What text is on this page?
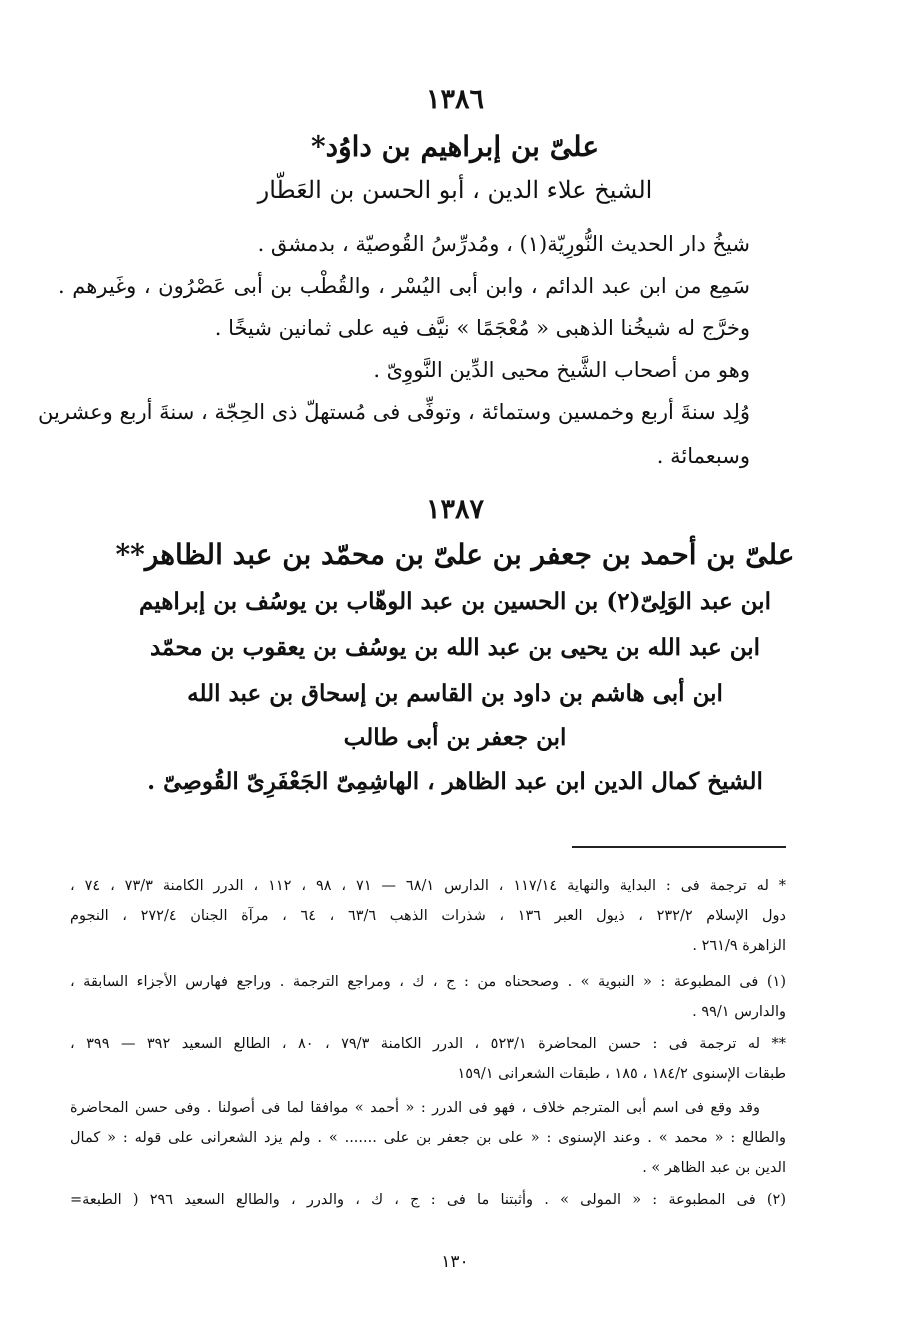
١٣٨٦
علىّ بن إبراهيم بن داوُد*
الشيخ علاء الدين ، أبو الحسن بن العَطّار
شيخُ دار الحديث النُّورِيّة(١) ، ومُدرِّسُ القُوصيّة ، بدمشق .
سَمِع من ابن عبد الدائم ، وابن أبى اليُسْر ، والقُطْب بن أبى عَصْرُون ، وغَيرهم .
وخرَّج له شيخُنا الذهبى « مُعْجَمًا » نيَّف فيه على ثمانين شيخًا .
وهو من أصحاب الشَّيخ محيى الدِّين النَّووِىّ .
وُلِد سنةَ أربع وخمسين وستمائة ، وتوفِّى فى مُستهلّ ذى الحِجّة ، سنةَ أربع وعشرين
وسبعمائة .
١٣٨٧
علىّ بن أحمد بن جعفر بن علىّ بن محمّد بن عبد الظاهر**
ابن عبد الوَلِىّ(٢) بن الحسين بن عبد الوهّاب بن يوسُف بن إبراهيم
ابن عبد الله بن يحيى بن عبد الله بن يوسُف بن يعقوب بن محمّد
ابن أبى هاشم بن داود بن القاسم بن إسحاق بن عبد الله
ابن جعفر بن أبى طالب
الشيخ كمال الدين ابن عبد الظاهر ، الهاشِمِىّ الجَعْفَرِىّ القُوصِىّ .
* له ترجمة فى : البداية والنهاية ١١٧/١٤ ، الدارس ٦٨/١ — ٧١ ، ٩٨ ، ١١٢ ، الدرر الكامنة ٧٣/٣ ، ٧٤ ،
دول الإسلام ٢٣٢/٢ ، ذيول العبر ١٣٦ ، شذرات الذهب ٦٣/٦ ، ٦٤ ، مرآة الجنان ٢٧٢/٤ ، النجوم
الزاهرة ٢٦١/٩ .
(١) فى المطبوعة : « النبوية » . وصححناه من : ج ، ك ، ومراجع الترجمة . وراجع فهارس الأجزاء السابقة ،
والدارس ٩٩/١ .
** له ترجمة فى : حسن المحاضرة ٥٢٣/١ ، الدرر الكامنة ٧٩/٣ ، ٨٠ ، الطالع السعيد ٣٩٢ — ٣٩٩ ،
طبقات الإسنوى ١٨٤/٢ ، ١٨٥ ، طبقات الشعرانى ١٥٩/١
وقد وقع فى اسم أبى المترجم خلاف ، فهو فى الدرر : « أحمد » موافقا لما فى أصولنا . وفى حسن المحاضرة
والطالع : « محمد » . وعند الإسنوى : « على بن جعفر بن على ....... » . ولم يزد الشعرانى على قوله : « كمال
الدين بن عبد الظاهر » .
(٢) فى المطبوعة : « المولى » . وأثبتنا ما فى : ج ، ك ، والدرر ، والطالع السعيد ٢٩٦ ( الطبعة=
١٣٠
